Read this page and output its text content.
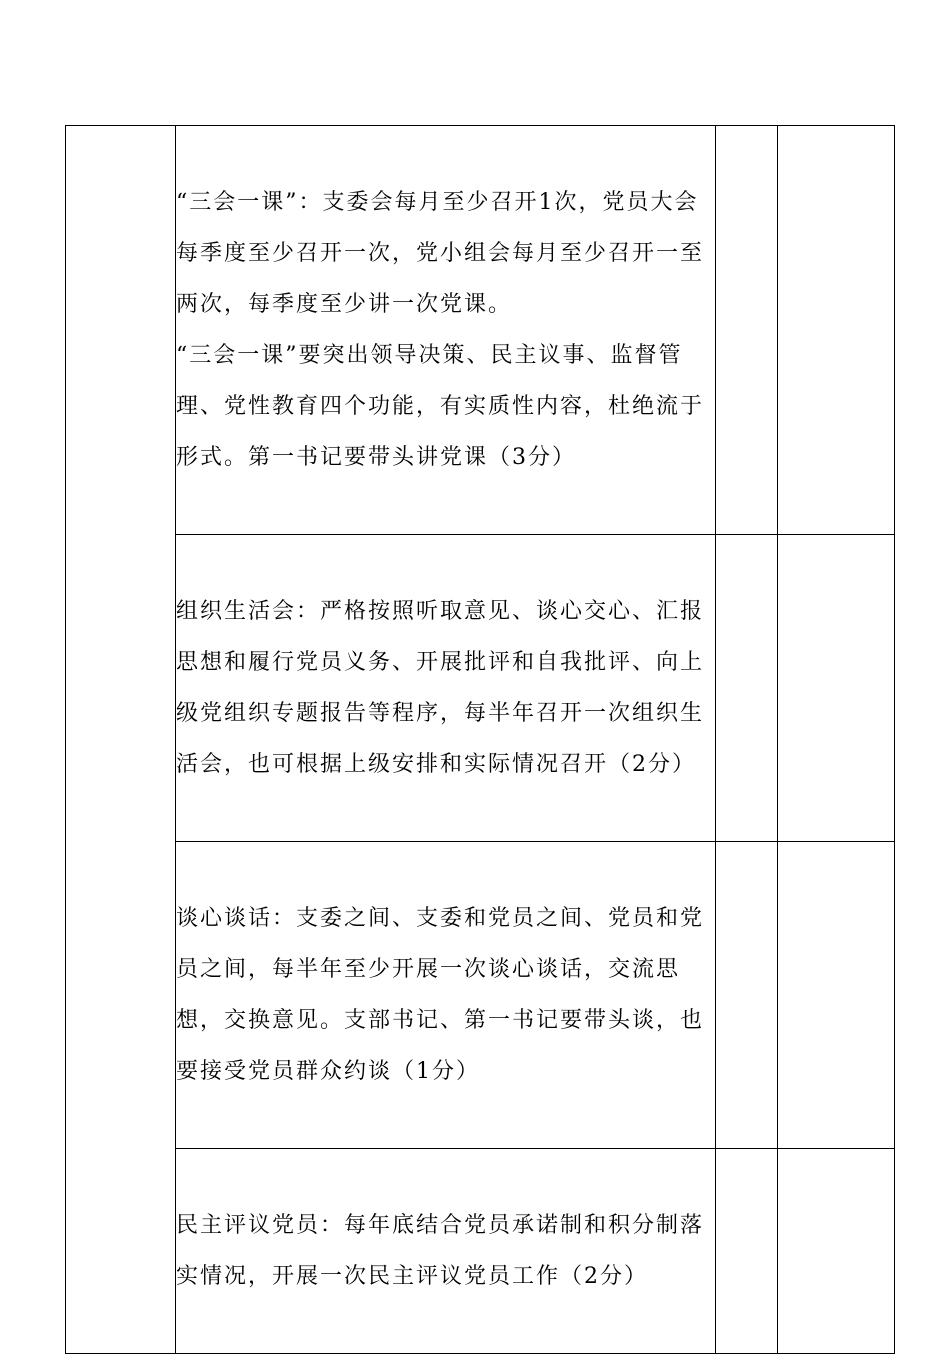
	“三会一课”：支委会每月至少召开1次，党员大会每季度至少召开一次，党小组会每月至少召开一至两次，每季度至少讲一次党课。
“三会一课”要突出领导决策、民主议事、监督管理、党性教育四个功能，有实质性内容，杜绝流于形式。第一书记要带头讲党课（3分）		

	组织生活会：严格按照听取意见、谈心交心、汇报思想和履行党员义务、开展批评和自我批评、向上级党组织专题报告等程序，每半年召开一次组织生活会，也可根据上级安排和实际情况召开（2分）		

	谈心谈话：支委之间、支委和党员之间、党员和党员之间，每半年至少开展一次谈心谈话，交流思想，交换意见。支部书记、第一书记要带头谈，也要接受党员群众约谈（1分）		

	民主评议党员：每年底结合党员承诺制和积分制落实情况，开展一次民主评议党员工作（2分）		
